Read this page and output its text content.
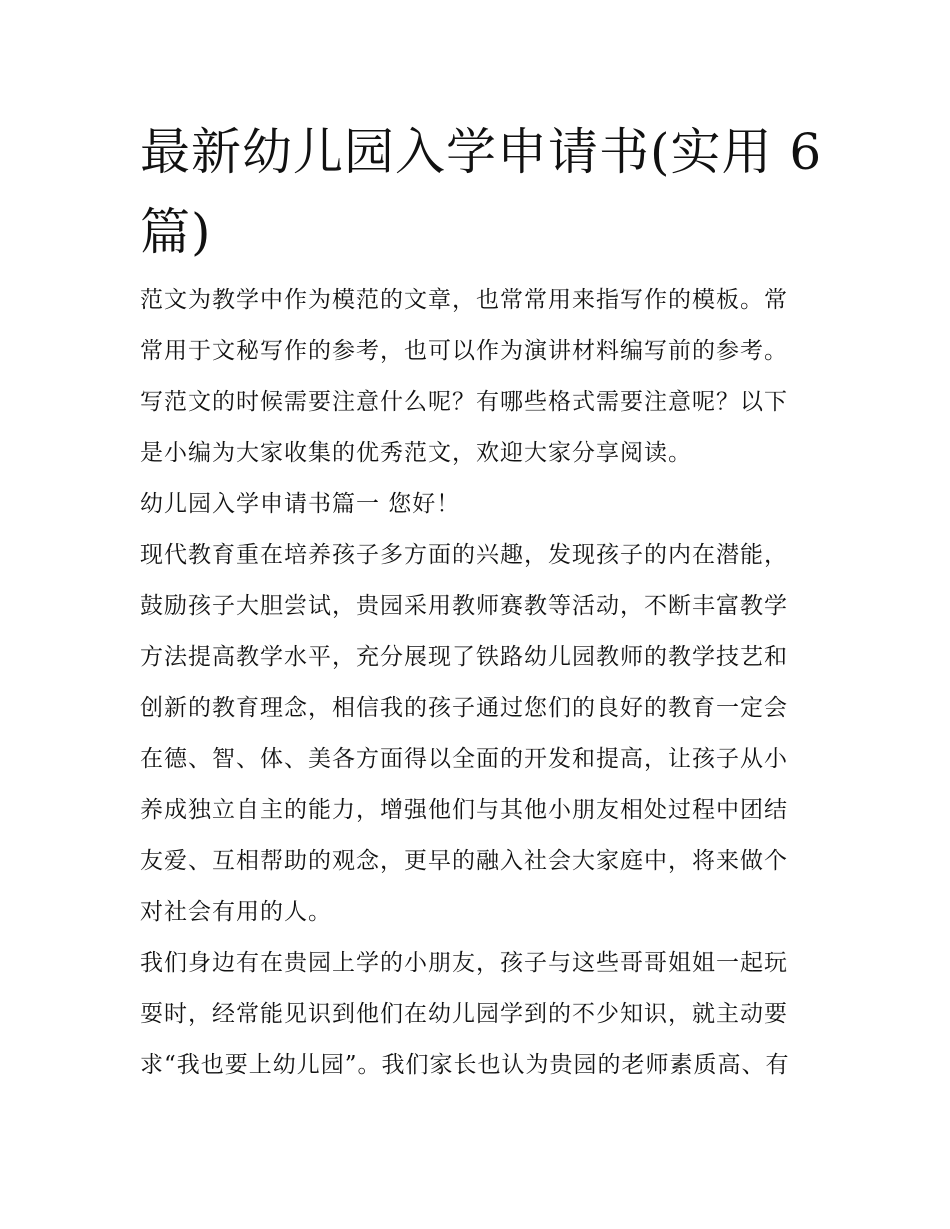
最新幼儿园入学申请书(实用 6
篇)
范文为教学中作为模范的文章，也常常用来指写作的模板。常
常用于文秘写作的参考，也可以作为演讲材料编写前的参考。
写范文的时候需要注意什么呢？有哪些格式需要注意呢？以下
是小编为大家收集的优秀范文，欢迎大家分享阅读。
幼儿园入学申请书篇一 您好！
现代教育重在培养孩子多方面的兴趣，发现孩子的内在潜能，
鼓励孩子大胆尝试，贵园采用教师赛教等活动，不断丰富教学
方法提高教学水平，充分展现了铁路幼儿园教师的教学技艺和
创新的教育理念，相信我的孩子通过您们的良好的教育一定会
在德、智、体、美各方面得以全面的开发和提高，让孩子从小
养成独立自主的能力，增强他们与其他小朋友相处过程中团结
友爱、互相帮助的观念，更早的融入社会大家庭中，将来做个
对社会有用的人。
我们身边有在贵园上学的小朋友，孩子与这些哥哥姐姐一起玩
耍时，经常能见识到他们在幼儿园学到的不少知识，就主动要
求“我也要上幼儿园”。我们家长也认为贵园的老师素质高、有
